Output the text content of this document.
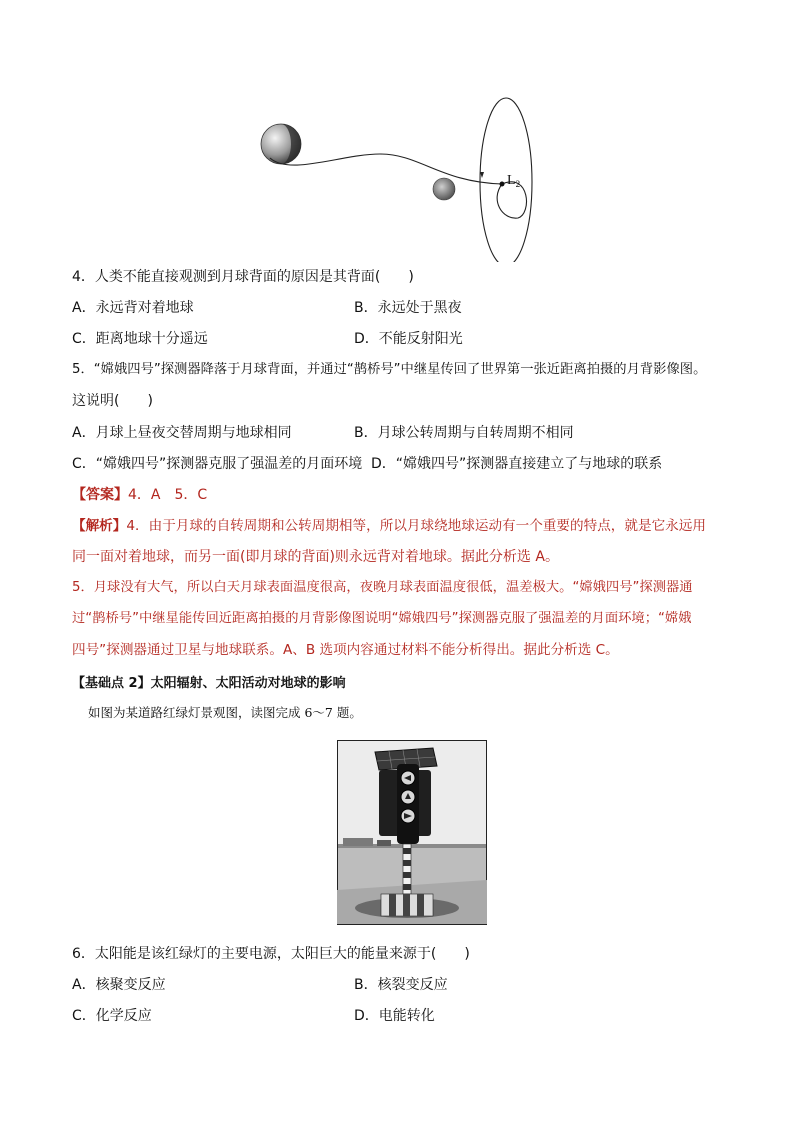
$L_2$
4．人类不能直接观测到月球背面的原因是其背面(　　)
A．永远背对着地球	B．永远处于黑夜
C．距离地球十分遥远	D．不能反射阳光
5．“嫦娥四号”探测器降落于月球背面，并通过“鹊桥号”中继星传回了世界第一张近距离拍摄的月背影像图。
这说明(　　)
A．月球上昼夜交替周期与地球相同	B．月球公转周期与自转周期不相同
C．“嫦娥四号”探测器克服了强温差的月面环境 D．“嫦娥四号”探测器直接建立了与地球的联系
【答案】4．A　5．C
【解析】4．由于月球的自转周期和公转周期相等，所以月球绕地球运动有一个重要的特点，就是它永远用
同一面对着地球，而另一面(即月球的背面)则永远背对着地球。据此分析选 A。
5．月球没有大气，所以白天月球表面温度很高，夜晚月球表面温度很低，温差极大。“嫦娥四号”探测器通
过“鹊桥号”中继星能传回近距离拍摄的月背影像图说明“嫦娥四号”探测器克服了强温差的月面环境；“嫦娥
四号”探测器通过卫星与地球联系。A、B 选项内容通过材料不能分析得出。据此分析选 C。
【基础点 2】太阳辐射、太阳活动对地球的影响
如图为某道路红绿灯景观图，读图完成 6～7 题。
6．太阳能是该红绿灯的主要电源，太阳巨大的能量来源于(　　)
A．核聚变反应	B．核裂变反应
C．化学反应	D．电能转化
